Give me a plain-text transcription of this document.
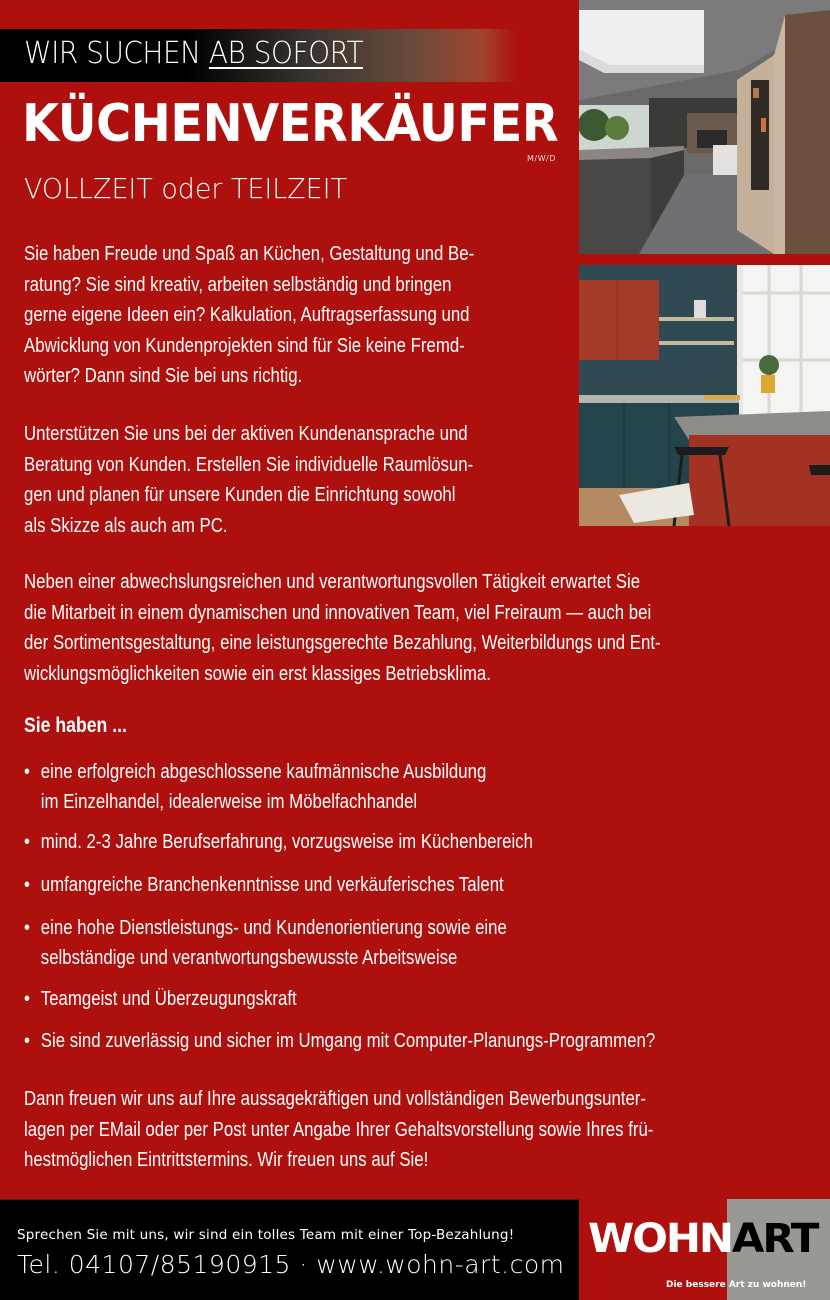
WIR SUCHEN AB SOFORT
KÜCHENVERKÄUFER
M/W/D
VOLLZEIT oder TEILZEIT
Sie haben Freude und Spaß an Küchen, Gestaltung und Be-
ratung? Sie sind kreativ, arbeiten selbständig und bringen
gerne eigene Ideen ein? Kalkulation, Auftragserfassung und
Abwicklung von Kundenprojekten sind für Sie keine Fremd-
wörter? Dann sind Sie bei uns richtig.
Unterstützen Sie uns bei der aktiven Kundenansprache und
Beratung von Kunden. Erstellen Sie individuelle Raumlösun-
gen und planen für unsere Kunden die Einrichtung sowohl
als Skizze als auch am PC.
Neben einer abwechslungsreichen und verantwortungsvollen Tätigkeit erwartet Sie
die Mitarbeit in einem dynamischen und innovativen Team, viel Freiraum — auch bei
der Sortimentsgestaltung, eine leistungsgerechte Bezahlung, Weiterbildungs und Ent-
wicklungsmöglichkeiten sowie ein erst klassiges Betriebsklima.
Sie haben ...
• eine erfolgreich abgeschlossene kaufmännische Ausbildung
im Einzelhandel, idealerweise im Möbelfachhandel
• mind. 2-3 Jahre Berufserfahrung, vorzugsweise im Küchenbereich
• umfangreiche Branchenkenntnisse und verkäuferisches Talent
• eine hohe Dienstleistungs- und Kundenorientierung sowie eine
selbständige und verantwortungsbewusste Arbeitsweise
• Teamgeist und Überzeugungskraft
• Sie sind zuverlässig und sicher im Umgang mit Computer-Planungs-Programmen?
Dann freuen wir uns auf Ihre aussagekräftigen und vollständigen Bewerbungsunter-
lagen per EMail oder per Post unter Angabe Ihrer Gehaltsvorstellung sowie Ihres frü-
hestmöglichen Eintrittstermins. Wir freuen uns auf Sie!
Sprechen Sie mit uns, wir sind ein tolles Team mit einer Top-Bezahlung!
Tel. 04107/85190915 · www.wohn-art.com
WOHNART
Die bessere Art zu wohnen!
